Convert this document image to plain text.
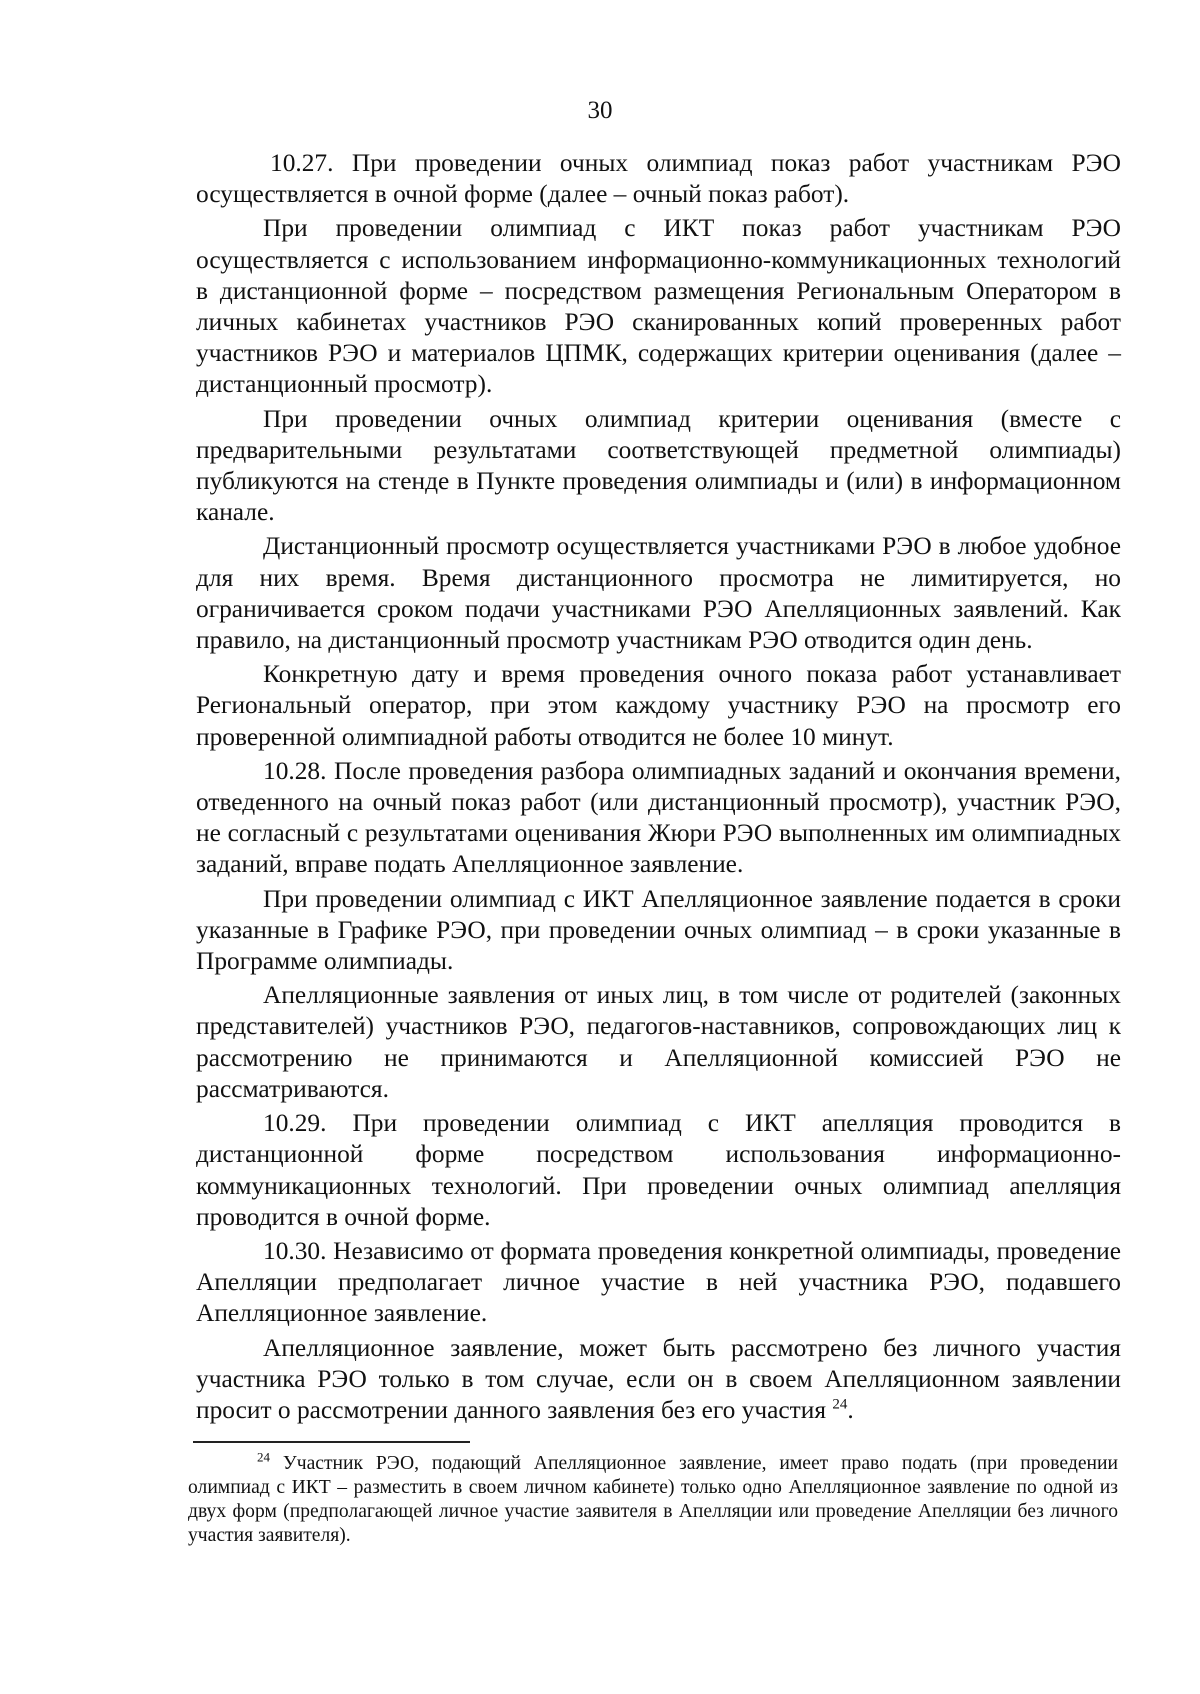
30

10.27. При проведении очных олимпиад показ работ участникам РЭО осуществляется в очной форме (далее – очный показ работ).

При проведении олимпиад с ИКТ показ работ участникам РЭО осуществляется с использованием информационно-коммуникационных технологий в дистанционной форме – посредством размещения Региональным Оператором в личных кабинетах участников РЭО сканированных копий проверенных работ участников РЭО и материалов ЦПМК, содержащих критерии оценивания (далее – дистанционный просмотр).

При проведении очных олимпиад критерии оценивания (вместе с предварительными результатами соответствующей предметной олимпиады) публикуются на стенде в Пункте проведения олимпиады и (или) в информационном канале.

Дистанционный просмотр осуществляется участниками РЭО в любое удобное для них время. Время дистанционного просмотра не лимитируется, но ограничивается сроком подачи участниками РЭО Апелляционных заявлений. Как правило, на дистанционный просмотр участникам РЭО отводится один день.

Конкретную дату и время проведения очного показа работ устанавливает Региональный оператор, при этом каждому участнику РЭО на просмотр его проверенной олимпиадной работы отводится не более 10 минут.

10.28. После проведения разбора олимпиадных заданий и окончания времени, отведенного на очный показ работ (или дистанционный просмотр), участник РЭО, не согласный с результатами оценивания Жюри РЭО выполненных им олимпиадных заданий, вправе подать Апелляционное заявление.

При проведении олимпиад с ИКТ Апелляционное заявление подается в сроки указанные в Графике РЭО, при проведении очных олимпиад – в сроки указанные в Программе олимпиады.

Апелляционные заявления от иных лиц, в том числе от родителей (законных представителей) участников РЭО, педагогов-наставников, сопровождающих лиц к рассмотрению не принимаются и Апелляционной комиссией РЭО не рассматриваются.

10.29. При проведении олимпиад с ИКТ апелляция проводится в дистанционной форме посредством использования информационно-коммуникационных технологий. При проведении очных олимпиад апелляция проводится в очной форме.

10.30. Независимо от формата проведения конкретной олимпиады, проведение Апелляции предполагает личное участие в ней участника РЭО, подавшего Апелляционное заявление.

Апелляционное заявление, может быть рассмотрено без личного участия участника РЭО только в том случае, если он в своем Апелляционном заявлении просит о рассмотрении данного заявления без его участия $^{24}$.

$^{24}$ Участник РЭО, подающий Апелляционное заявление, имеет право подать (при проведении олимпиад с ИКТ – разместить в своем личном кабинете) только одно Апелляционное заявление по одной из двух форм (предполагающей личное участие заявителя в Апелляции или проведение Апелляции без личного участия заявителя).
